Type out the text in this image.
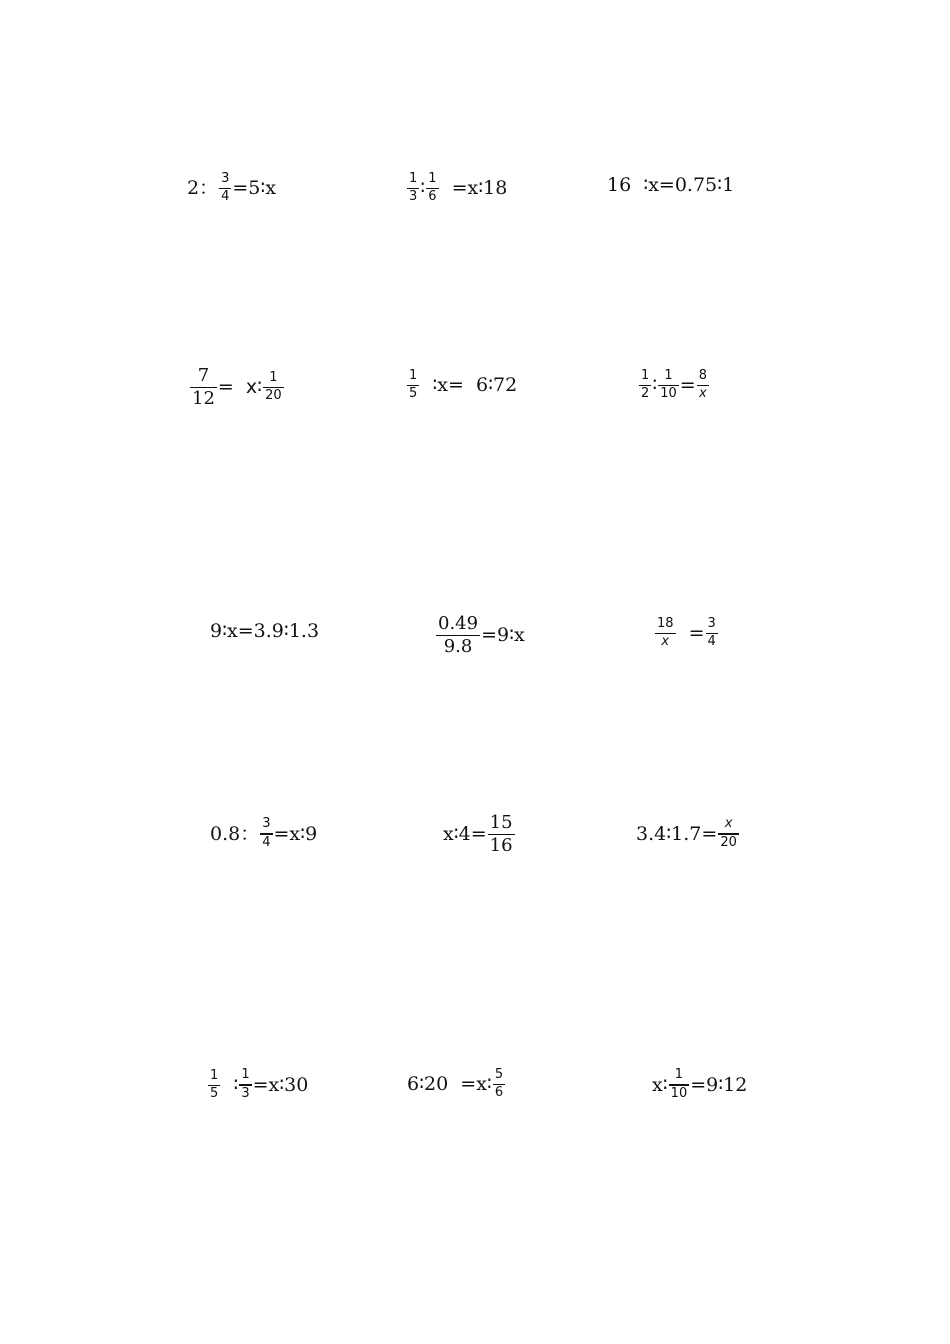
2： $\frac{3}{4}$ =5∶x	$\frac{1}{3}$ ∶ $\frac{1}{6}$ =x∶18	16  ∶x=0.75∶1
$\frac{7}{12} = x$ ∶ $\frac{1}{20}$	$\frac{1}{5}$ ∶x=  6∶72	$\frac{1}{2}$ ∶ $\frac{1}{10} = \frac{8}{x}$
9∶x=3.9∶1.3	$\frac{0.49}{9.8}$ =9∶x	$\frac{18}{x} = \frac{3}{4}$
0.8： $\frac{3}{4}$ =x∶9	x∶4= $\frac{15}{16}$	3.4∶1.7= $\frac{x}{20}$
$\frac{1}{5}$ ∶ $\frac{1}{3}$ =x∶30	6∶20  =x∶ $\frac{5}{6}$	x∶ $\frac{1}{10}$ =9∶12
